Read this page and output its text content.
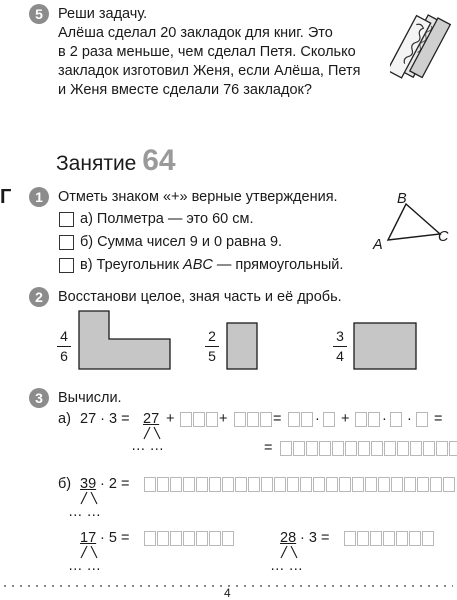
5	Реши задачу.
Алёша сделал 20 закладок для книг. Это
в 2 раза меньше, чем сделал Петя. Сколько
закладок изготовил Женя, если Алёша, Петя
и Женя вместе сделали 76 закладок?
Занятие 64
Г	1	Отметь знаком «+» верные утверждения.
а) Полметра — это 60 см.
б) Сумма чисел 9 и 0 равна 9.
в) Треугольник ABC — прямоугольный.
B
A	C
2	Восстанови целое, зная часть и её дробь.
4
6
2
5
3
4
3	Вычисли.
а) 27 · 3 = 27 +	+	= · + · · =
… …	=
б) 39 · 2 =
… …
17 · 5 =
… …
28 · 3 =
… …
4
